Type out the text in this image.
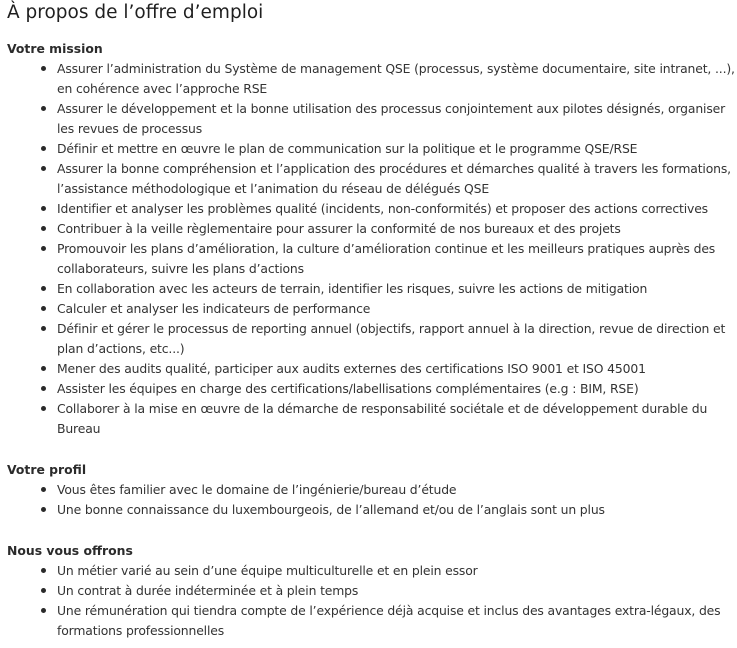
À propos de l’offre d’emploi
Votre mission
Assurer l’administration du Système de management QSE (processus, système documentaire, site intranet, ...), en cohérence avec l’approche RSE
Assurer le développement et la bonne utilisation des processus conjointement aux pilotes désignés, organiser les revues de processus
Définir et mettre en œuvre le plan de communication sur la politique et le programme QSE/RSE
Assurer la bonne compréhension et l’application des procédures et démarches qualité à travers les formations, l’assistance méthodologique et l’animation du réseau de délégués QSE
Identifier et analyser les problèmes qualité (incidents, non-conformités) et proposer des actions correctives
Contribuer à la veille règlementaire pour assurer la conformité de nos bureaux et des projets
Promouvoir les plans d’amélioration, la culture d’amélioration continue et les meilleurs pratiques auprès des collaborateurs, suivre les plans d’actions
En collaboration avec les acteurs de terrain, identifier les risques, suivre les actions de mitigation
Calculer et analyser les indicateurs de performance
Définir et gérer le processus de reporting annuel (objectifs, rapport annuel à la direction, revue de direction et plan d’actions, etc...)
Mener des audits qualité, participer aux audits externes des certifications ISO 9001 et ISO 45001
Assister les équipes en charge des certifications/labellisations complémentaires (e.g : BIM, RSE)
Collaborer à la mise en œuvre de la démarche de responsabilité sociétale et de développement durable du Bureau
Votre profil
Vous êtes familier avec le domaine de l’ingénierie/bureau d’étude
Une bonne connaissance du luxembourgeois, de l’allemand et/ou de l’anglais sont un plus
Nous vous offrons
Un métier varié au sein d’une équipe multiculturelle et en plein essor
Un contrat à durée indéterminée et à plein temps
Une rémunération qui tiendra compte de l’expérience déjà acquise et inclus des avantages extra-légaux, des formations professionnelles
